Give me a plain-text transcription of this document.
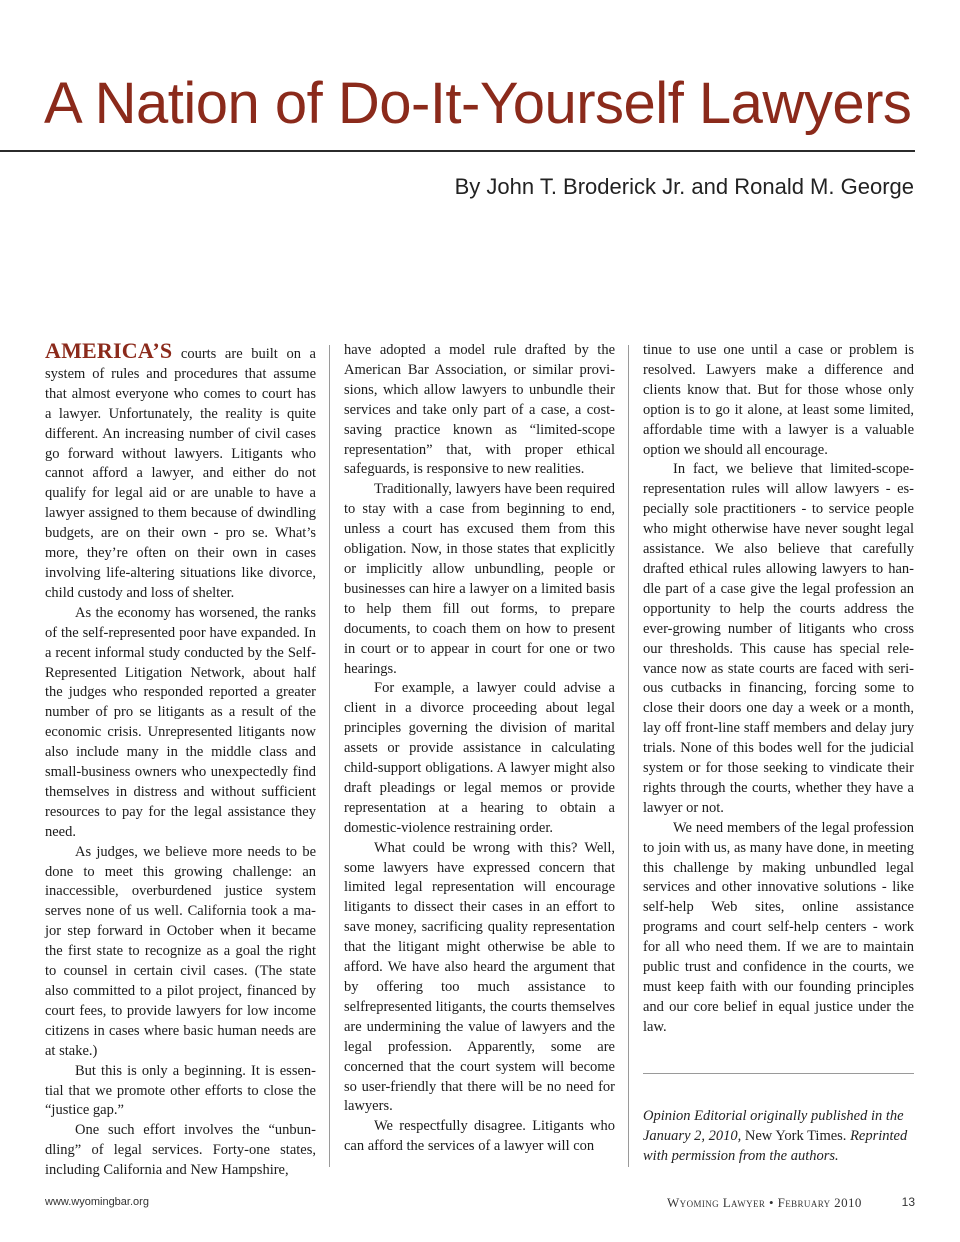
A Nation of Do-It-Yourself Lawyers
By John T. Broderick Jr. and Ronald M. George

AMERICA’S courts are built on a system of rules and procedures that assume that almost everyone who comes to court has a lawyer. Unfortunately, the reality is quite different. An increasing number of civil cases go forward without lawyers. Litigants who cannot afford a lawyer, and either do not qualify for legal aid or are unable to have a lawyer assigned to them because of dwindling budgets, are on their own - pro se. What’s more, they’re often on their own in cases involving life-altering situations like divorce, child custody and loss of shelter.

As the economy has worsened, the ranks of the self-represented poor have expanded. In a recent informal study conducted by the Self-Represented Litigation Network, about half the judges who responded reported a greater number of pro se litigants as a result of the economic crisis. Unrepresented litigants now also include many in the middle class and small-business owners who unexpectedly find themselves in distress and without sufficient resources to pay for the legal assistance they need.

As judges, we believe more needs to be done to meet this growing challenge: an inaccessible, overburdened justice system serves none of us well. California took a major step forward in October when it became the first state to recognize as a goal the right to counsel in certain civil cases. (The state also committed to a pilot project, financed by court fees, to provide lawyers for low income citizens in cases where basic human needs are at stake.)

But this is only a beginning. It is essential that we promote other efforts to close the “justice gap.”

One such effort involves the “unbundling” of legal services. Forty-one states, including California and New Hampshire,

have adopted a model rule drafted by the American Bar Association, or similar provisions, which allow lawyers to unbundle their services and take only part of a case, a cost-saving practice known as “limited-scope representation” that, with proper ethical safeguards, is responsive to new realities.

Traditionally, lawyers have been required to stay with a case from beginning to end, unless a court has excused them from this obligation. Now, in those states that explicitly or implicitly allow unbundling, people or businesses can hire a lawyer on a limited basis to help them fill out forms, to prepare documents, to coach them on how to present in court or to appear in court for one or two hearings.

For example, a lawyer could advise a client in a divorce proceeding about legal principles governing the division of marital assets or provide assistance in calculating child-support obligations. A lawyer might also draft pleadings or legal memos or provide representation at a hearing to obtain a domestic-violence restraining order.

What could be wrong with this? Well, some lawyers have expressed concern that limited legal representation will encourage litigants to dissect their cases in an effort to save money, sacrificing quality representation that the litigant might otherwise be able to afford. We have also heard the argument that by offering too much assistance to selfrepresented litigants, the courts themselves are undermining the value of lawyers and the legal profession. Apparently, some are concerned that the court system will become so user-friendly that there will be no need for lawyers.

We respectfully disagree. Litigants who can afford the services of a lawyer will con

tinue to use one until a case or problem is resolved. Lawyers make a difference and clients know that. But for those whose only option is to go it alone, at least some limited, affordable time with a lawyer is a valuable option we should all encourage.

In fact, we believe that limited-scope-representation rules will allow lawyers - especially sole practitioners - to service people who might otherwise have never sought legal assistance. We also believe that carefully drafted ethical rules allowing lawyers to handle part of a case give the legal profession an opportunity to help the courts address the ever-growing number of litigants who cross our thresholds. This cause has special relevance now as state courts are faced with serious cutbacks in financing, forcing some to close their doors one day a week or a month, lay off front-line staff members and delay jury trials. None of this bodes well for the judicial system or for those seeking to vindicate their rights through the courts, whether they have a lawyer or not.

We need members of the legal profession to join with us, as many have done, in meeting this challenge by making unbundled legal services and other innovative solutions - like self-help Web sites, online assistance programs and court self-help centers - work for all who need them. If we are to maintain public trust and confidence in the courts, we must keep faith with our founding principles and our core belief in equal justice under the law.

Opinion Editorial originally published in the January 2, 2010, New York Times. Reprinted with permission from the authors.
www.wyomingbar.org	Wyoming Lawyer • February 2010	13
